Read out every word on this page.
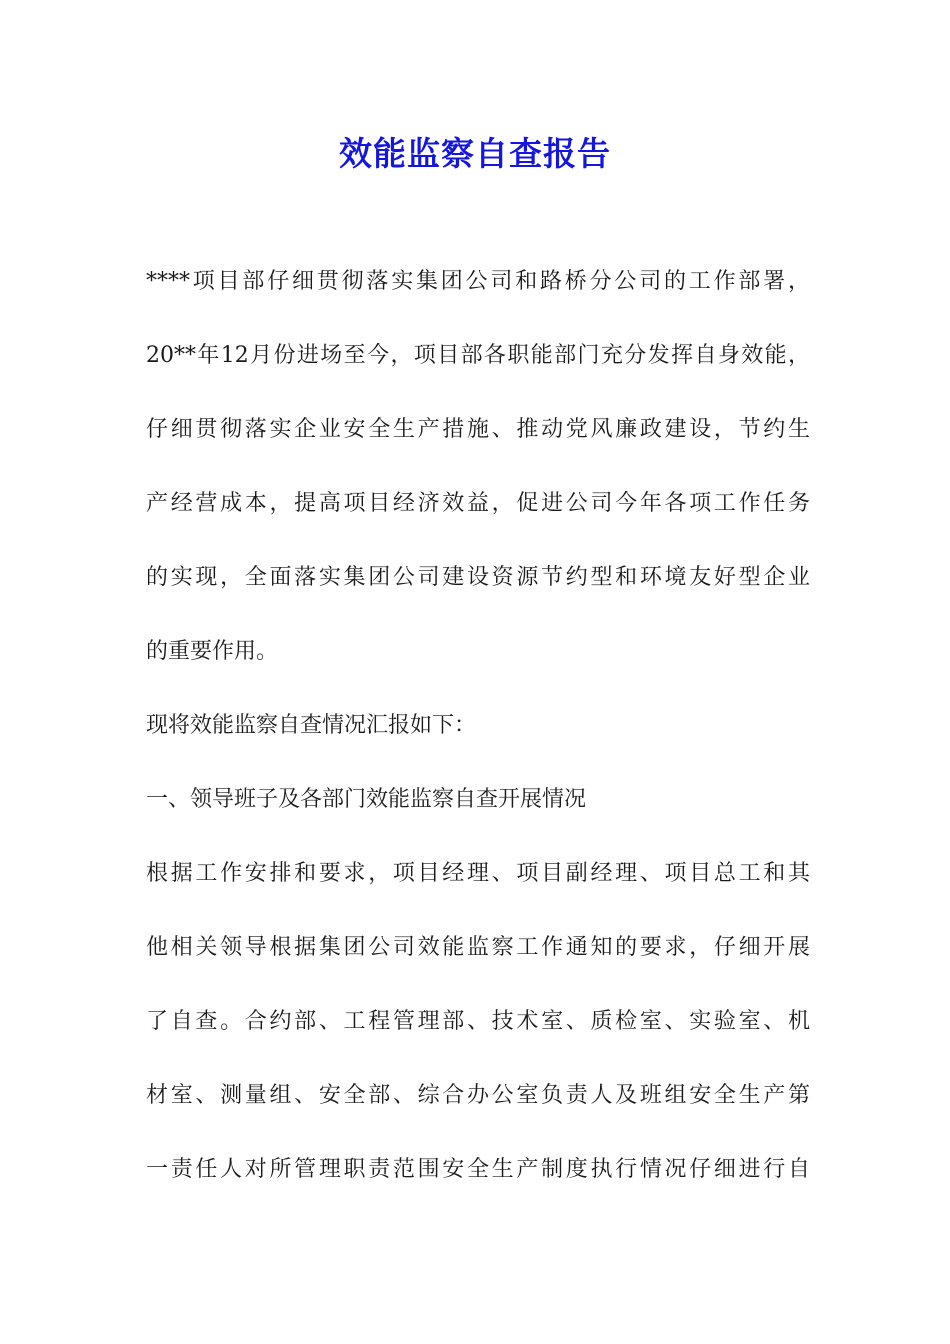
效能监察自查报告
****项目部仔细贯彻落实集团公司和路桥分公司的工作部署，
20**年12月份进场至今，项目部各职能部门充分发挥自身效能，
仔细贯彻落实企业安全生产措施、推动党风廉政建设，节约生
产经营成本，提高项目经济效益，促进公司今年各项工作任务
的实现，全面落实集团公司建设资源节约型和环境友好型企业
的重要作用。
现将效能监察自查情况汇报如下：
一、领导班子及各部门效能监察自查开展情况
根据工作安排和要求，项目经理、项目副经理、项目总工和其
他相关领导根据集团公司效能监察工作通知的要求，仔细开展
了自查。合约部、工程管理部、技术室、质检室、实验室、机
材室、测量组、安全部、综合办公室负责人及班组安全生产第
一责任人对所管理职责范围安全生产制度执行情况仔细进行自
